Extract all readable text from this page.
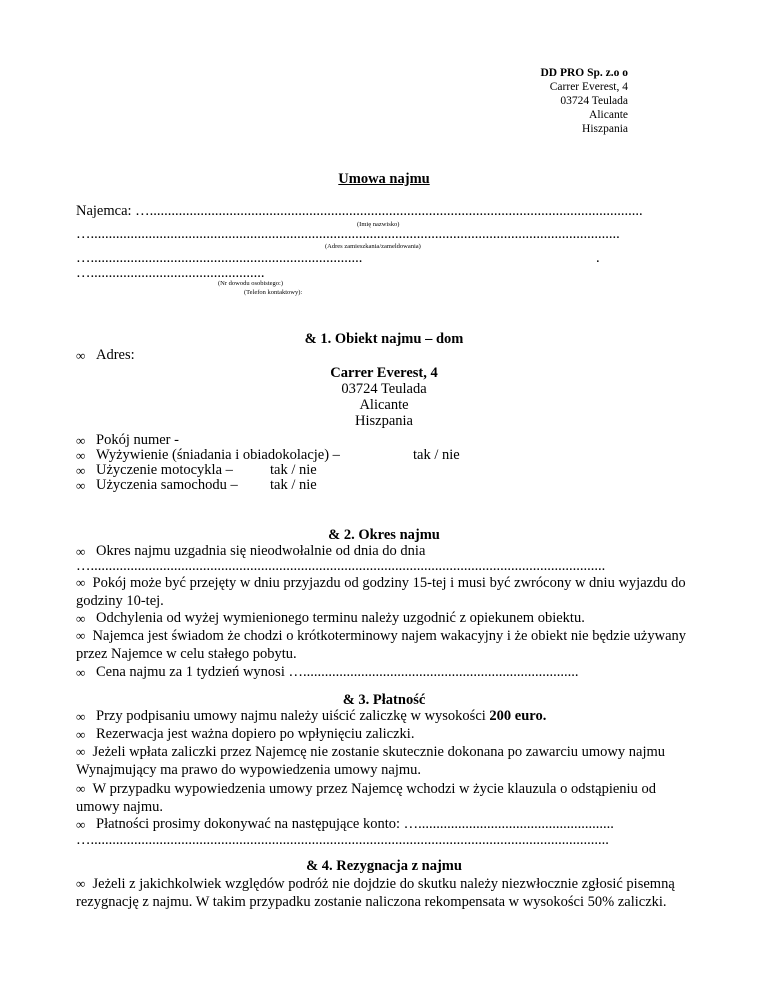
DD PRO Sp. z.o o
Carrer Everest, 4
03724 Teulada
Alicante
Hiszpania
Umowa najmu
Najemca: …........................................................................................................................................
(Imię nazwisko)
…..................................................................................................................................................
(Adres zamieszkania/zameldowania)
…...........................................................................	.
…................................................
(Nr dowodu osobistego:)
(Telefon kontaktowy):
& 1. Obiekt najmu – dom
∞ Adres:
Carrer Everest, 4
03724 Teulada
Alicante
Hiszpania
∞ Pokój numer -
∞ Wyżywienie (śniadania i obiadokolacje) –	tak / nie
∞ Użyczenie motocykla –	tak / nie
∞ Użyczenia samochodu – tak / nie
& 2. Okres najmu
∞ Okres najmu uzgadnia się nieodwołalnie od dnia do dnia
…..............................................................................................................................................
∞ Pokój może być przejęty w dniu przyjazdu od godziny 15-tej i musi być zwrócony w dniu wyjazdu do godziny 10-tej.
∞ Odchylenia od wyżej wymienionego terminu należy uzgodnić z opiekunem obiektu.
∞ Najemca jest świadom że chodzi o krótkoterminowy najem wakacyjny i że obiekt nie będzie używany przez Najemce w celu stałego pobytu.
∞ Cena najmu za 1 tydzień wynosi …............................................................................
& 3. Płatność
∞ Przy podpisaniu umowy najmu należy uiścić zaliczkę w wysokości 200 euro.
∞ Rezerwacja jest ważna dopiero po wpłynięciu zaliczki.
∞ Jeżeli wpłata zaliczki przez Najemcę nie zostanie skutecznie dokonana po zawarciu umowy najmu Wynajmujący ma prawo do wypowiedzenia umowy najmu.
∞ W przypadku wypowiedzenia umowy przez Najemcę wchodzi w życie klauzula o odstąpieniu od umowy najmu.
∞ Płatności prosimy dokonywać na następujące konto: …......................................................
…...............................................................................................................................................
& 4. Rezygnacja z najmu
∞ Jeżeli z jakichkolwiek względów podróż nie dojdzie do skutku należy niezwłocznie zgłosić pisemną rezygnację z najmu. W takim przypadku zostanie naliczona rekompensata w wysokości 50% zaliczki.
